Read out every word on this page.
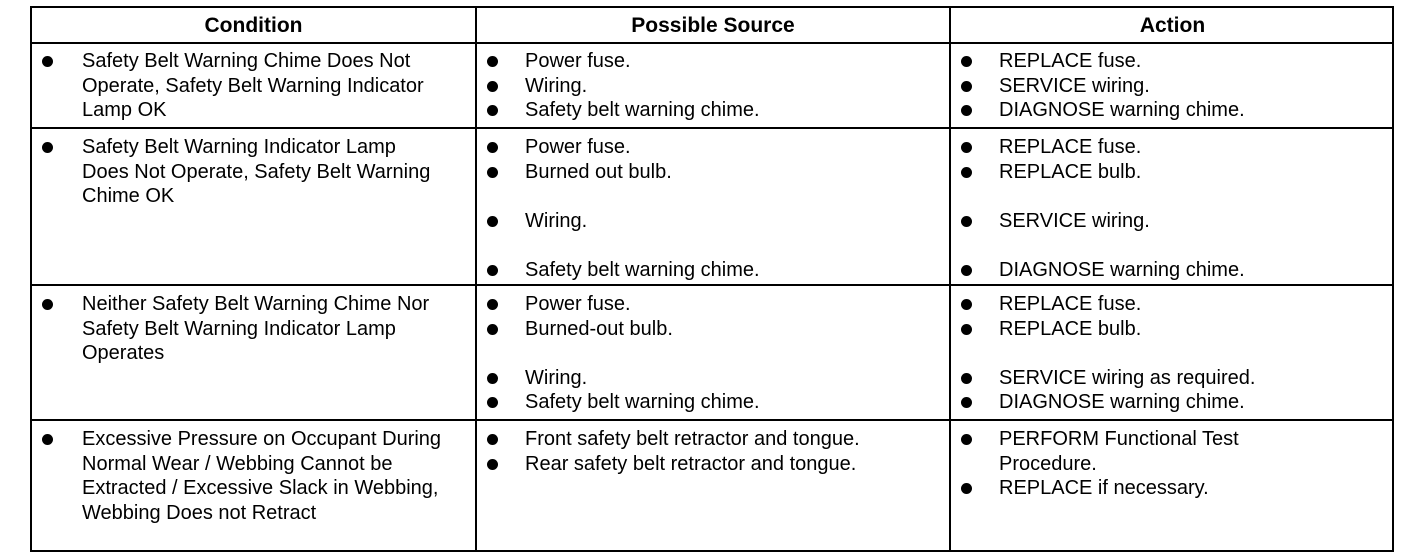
Condition	Possible Source	Action
Safety Belt Warning Chime Does Not Operate, Safety Belt Warning Indicator Lamp OK
Power fuse.
Wiring.
Safety belt warning chime.
REPLACE fuse.
SERVICE wiring.
DIAGNOSE warning chime.
Safety Belt Warning Indicator Lamp Does Not Operate, Safety Belt Warning Chime OK
Power fuse.
Burned out bulb.
Wiring.
Safety belt warning chime.
REPLACE fuse.
REPLACE bulb.
SERVICE wiring.
DIAGNOSE warning chime.
Neither Safety Belt Warning Chime Nor Safety Belt Warning Indicator Lamp Operates
Power fuse.
Burned-out bulb.
Wiring.
Safety belt warning chime.
REPLACE fuse.
REPLACE bulb.
SERVICE wiring as required.
DIAGNOSE warning chime.
Excessive Pressure on Occupant During Normal Wear / Webbing Cannot be Extracted / Excessive Slack in Webbing, Webbing Does not Retract
Front safety belt retractor and tongue.
Rear safety belt retractor and tongue.
PERFORM Functional Test Procedure.
REPLACE if necessary.
